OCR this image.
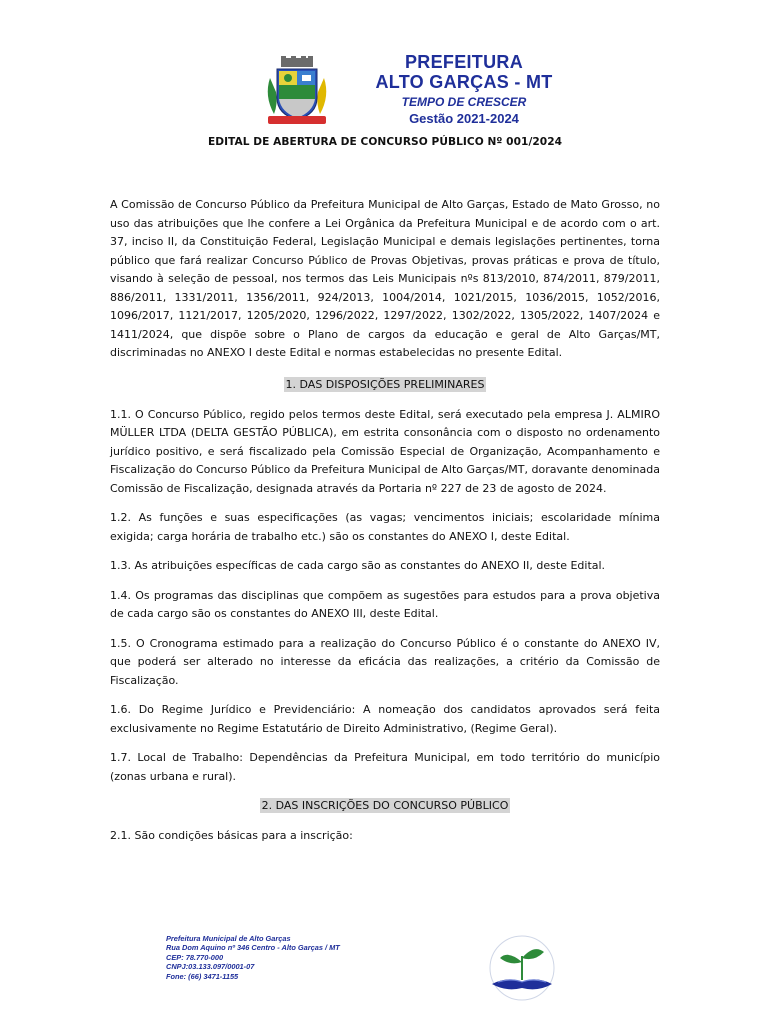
PREFEITURA
ALTO GARÇAS - MT
TEMPO DE CRESCER
Gestão 2021-2024
EDITAL DE ABERTURA DE CONCURSO PÚBLICO Nº 001/2024

A Comissão de Concurso Público da Prefeitura Municipal de Alto Garças, Estado de Mato Grosso, no uso das atribuições que lhe confere a Lei Orgânica da Prefeitura Municipal e de acordo com o art. 37, inciso II, da Constituição Federal, Legislação Municipal e demais legislações pertinentes, torna público que fará realizar Concurso Público de Provas Objetivas, provas práticas e prova de título, visando à seleção de pessoal, nos termos das Leis Municipais nºs 813/2010, 874/2011, 879/2011, 886/2011, 1331/2011, 1356/2011, 924/2013, 1004/2014, 1021/2015, 1036/2015, 1052/2016, 1096/2017, 1121/2017, 1205/2020, 1296/2022, 1297/2022, 1302/2022, 1305/2022, 1407/2024 e 1411/2024, que dispõe sobre o Plano de cargos da educação e geral de Alto Garças/MT, discriminadas no ANEXO I deste Edital e normas estabelecidas no presente Edital.

1. DAS DISPOSIÇÕES PRELIMINARES

1.1. O Concurso Público, regido pelos termos deste Edital, será executado pela empresa J. ALMIRO MÜLLER LTDA (DELTA GESTÃO PÚBLICA), em estrita consonância com o disposto no ordenamento jurídico positivo, e será fiscalizado pela Comissão Especial de Organização, Acompanhamento e Fiscalização do Concurso Público da Prefeitura Municipal de Alto Garças/MT, doravante denominada Comissão de Fiscalização, designada através da Portaria nº 227 de 23 de agosto de 2024.

1.2. As funções e suas especificações (as vagas; vencimentos iniciais; escolaridade mínima exigida; carga horária de trabalho etc.) são os constantes do ANEXO I, deste Edital.

1.3. As atribuições específicas de cada cargo são as constantes do ANEXO II, deste Edital.

1.4. Os programas das disciplinas que compõem as sugestões para estudos para a prova objetiva de cada cargo são os constantes do ANEXO III, deste Edital.

1.5. O Cronograma estimado para a realização do Concurso Público é o constante do ANEXO IV, que poderá ser alterado no interesse da eficácia das realizações, a critério da Comissão de Fiscalização.

1.6. Do Regime Jurídico e Previdenciário: A nomeação dos candidatos aprovados será feita exclusivamente no Regime Estatutário de Direito Administrativo, (Regime Geral).

1.7. Local de Trabalho: Dependências da Prefeitura Municipal, em todo território do município (zonas urbana e rural).

2. DAS INSCRIÇÕES DO CONCURSO PÚBLICO

2.1. São condições básicas para a inscrição:

Prefeitura Municipal de Alto Garças
Rua Dom Aquino nº 346 Centro - Alto Garças / MT
CEP: 78.770-000
CNPJ:03.133.097/0001-07
Fone: (66) 3471-1155
